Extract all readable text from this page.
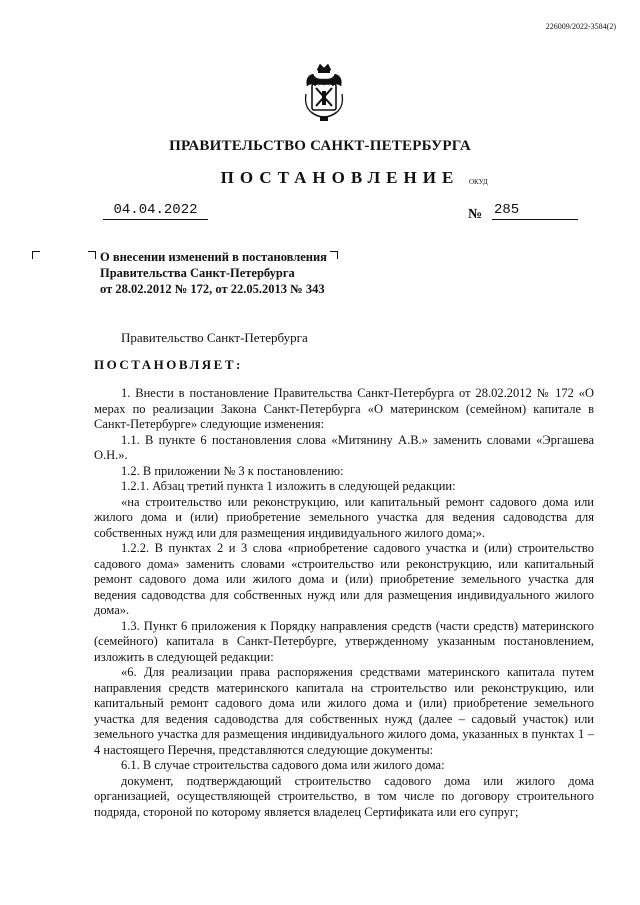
226009/2022-3584(2)
ПРАВИТЕЛЬСТВО САНКТ-ПЕТЕРБУРГА
ПОСТАНОВЛЕНИЕ	ОКУД
04.04.2022	№ 285
О внесении изменений в постановления
Правительства Санкт-Петербурга
от 28.02.2012 № 172, от 22.05.2013 № 343
Правительство Санкт-Петербурга
ПОСТАНОВЛЯЕТ:

1. Внести в постановление Правительства Санкт-Петербурга от 28.02.2012 № 172 «О мерах по реализации Закона Санкт-Петербурга «О материнском (семейном) капитале в Санкт-Петербурге» следующие изменения:

1.1. В пункте 6 постановления слова «Митянину А.В.» заменить словами «Эргашева О.Н.».

1.2. В приложении № 3 к постановлению:

1.2.1. Абзац третий пункта 1 изложить в следующей редакции:

«на строительство или реконструкцию, или капитальный ремонт садового дома или жилого дома и (или) приобретение земельного участка для ведения садоводства для собственных нужд или для размещения индивидуального жилого дома;».

1.2.2. В пунктах 2 и 3 слова «приобретение садового участка и (или) строительство садового дома» заменить словами «строительство или реконструкцию, или капитальный ремонт садового дома или жилого дома и (или) приобретение земельного участка для ведения садоводства для собственных нужд или для размещения индивидуального жилого дома».

1.3. Пункт 6 приложения к Порядку направления средств (части средств) материнского (семейного) капитала в Санкт-Петербурге, утвержденному указанным постановлением, изложить в следующей редакции:

«6. Для реализации права распоряжения средствами материнского капитала путем направления средств материнского капитала на строительство или реконструкцию, или капитальный ремонт садового дома или жилого дома и (или) приобретение земельного участка для ведения садоводства для собственных нужд (далее – садовый участок) или земельного участка для размещения индивидуального жилого дома, указанных в пунктах 1 – 4 настоящего Перечня, представляются следующие документы:

6.1. В случае строительства садового дома или жилого дома:

документ, подтверждающий строительство садового дома или жилого дома организацией, осуществляющей строительство, в том числе по договору строительного подряда, стороной по которому является владелец Сертификата или его супруг;
